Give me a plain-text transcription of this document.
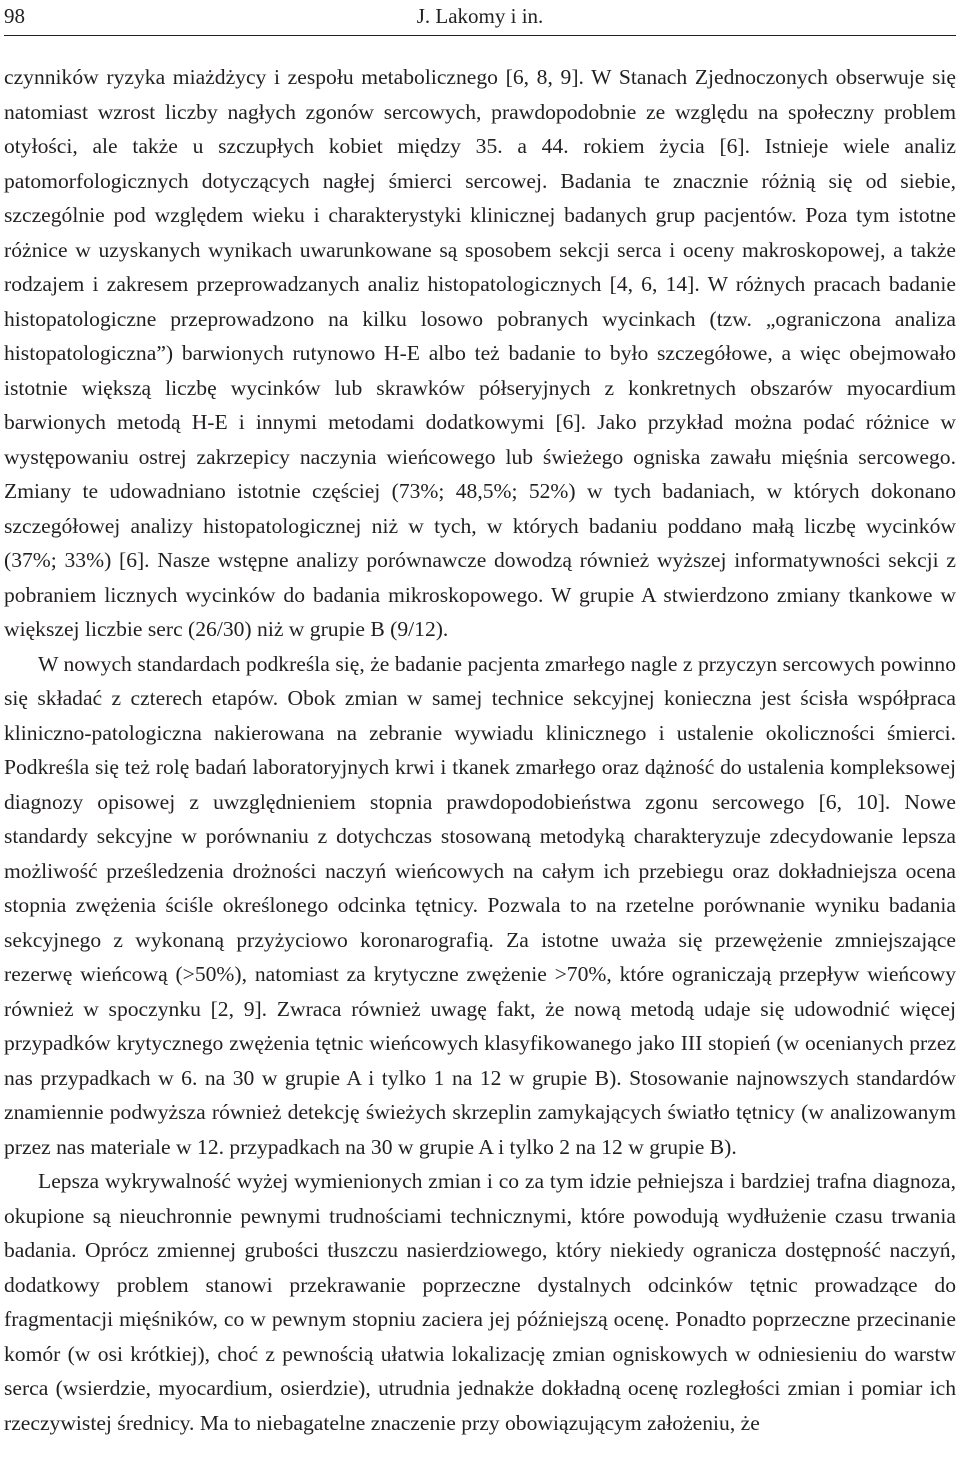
98	J. Lakomy i in.

czynników ryzyka miażdżycy i zespołu metabolicznego [6, 8, 9]. W Stanach Zjednoczonych obserwuje się natomiast wzrost liczby nagłych zgonów sercowych, prawdopodobnie ze względu na społeczny problem otyłości, ale także u szczupłych kobiet między 35. a 44. rokiem życia [6]. Istnieje wiele analiz patomorfologicznych dotyczących nagłej śmierci sercowej. Badania te znacznie różnią się od siebie, szczególnie pod względem wieku i charakterystyki klinicznej badanych grup pacjentów. Poza tym istotne różnice w uzyskanych wynikach uwarunkowane są sposobem sekcji serca i oceny makroskopowej, a także rodzajem i zakresem przeprowadzanych analiz histopatologicznych [4, 6, 14]. W różnych pracach badanie histopatologiczne przeprowadzono na kilku losowo pobranych wycinkach (tzw. „ograniczona analiza histopatologiczna”) barwionych rutynowo H-E albo też badanie to było szczegółowe, a więc obejmowało istotnie większą liczbę wycinków lub skrawków półseryjnych z konkretnych obszarów myocardium barwionych metodą H-E i innymi metodami dodatkowymi [6]. Jako przykład można podać różnice w występowaniu ostrej zakrzepicy naczynia wieńcowego lub świeżego ogniska zawału mięśnia sercowego. Zmiany te udowadniano istotnie częściej (73%; 48,5%; 52%) w tych badaniach, w których dokonano szczegółowej analizy histopatologicznej niż w tych, w których badaniu poddano małą liczbę wycinków (37%; 33%) [6]. Nasze wstępne analizy porównawcze dowodzą również wyższej informatywności sekcji z pobraniem licznych wycinków do badania mikroskopowego. W grupie A stwierdzono zmiany tkankowe w większej liczbie serc (26/30) niż w grupie B (9/12).

W nowych standardach podkreśla się, że badanie pacjenta zmarłego nagle z przyczyn sercowych powinno się składać z czterech etapów. Obok zmian w samej technice sekcyjnej konieczna jest ścisła współpraca kliniczno-patologiczna nakierowana na zebranie wywiadu klinicznego i ustalenie okoliczności śmierci. Podkreśla się też rolę badań laboratoryjnych krwi i tkanek zmarłego oraz dążność do ustalenia kompleksowej diagnozy opisowej z uwzględnieniem stopnia prawdopodobieństwa zgonu sercowego [6, 10]. Nowe standardy sekcyjne w porównaniu z dotychczas stosowaną metodyką charakteryzuje zdecydowanie lepsza możliwość prześledzenia drożności naczyń wieńcowych na całym ich przebiegu oraz dokładniejsza ocena stopnia zwężenia ściśle określonego odcinka tętnicy. Pozwala to na rzetelne porównanie wyniku badania sekcyjnego z wykonaną przyżyciowo koronarografią. Za istotne uważa się przewężenie zmniejszające rezerwę wieńcową (>50%), natomiast za krytyczne zwężenie >70%, które ograniczają przepływ wieńcowy również w spoczynku [2, 9]. Zwraca również uwagę fakt, że nową metodą udaje się udowodnić więcej przypadków krytycznego zwężenia tętnic wieńcowych klasyfikowanego jako III stopień (w ocenianych przez nas przypadkach w 6. na 30 w grupie A i tylko 1 na 12 w grupie B). Stosowanie najnowszych standardów znamiennie podwyższa również detekcję świeżych skrzeplin zamykających światło tętnicy (w analizowanym przez nas materiale w 12. przypadkach na 30 w grupie A i tylko 2 na 12 w grupie B).

Lepsza wykrywalność wyżej wymienionych zmian i co za tym idzie pełniejsza i bardziej trafna diagnoza, okupione są nieuchronnie pewnymi trudnościami technicznymi, które powodują wydłużenie czasu trwania badania. Oprócz zmiennej grubości tłuszczu nasierdziowego, który niekiedy ogranicza dostępność naczyń, dodatkowy problem stanowi przekrawanie poprzeczne dystalnych odcinków tętnic prowadzące do fragmentacji mięśników, co w pewnym stopniu zaciera jej późniejszą ocenę. Ponadto poprzeczne przecinanie komór (w osi krótkiej), choć z pewnością ułatwia lokalizację zmian ogniskowych w odniesieniu do warstw serca (wsierdzie, myocardium, osierdzie), utrudnia jednakże dokładną ocenę rozległości zmian i pomiar ich rzeczywistej średnicy. Ma to niebagatelne znaczenie przy obowiązującym założeniu, że
